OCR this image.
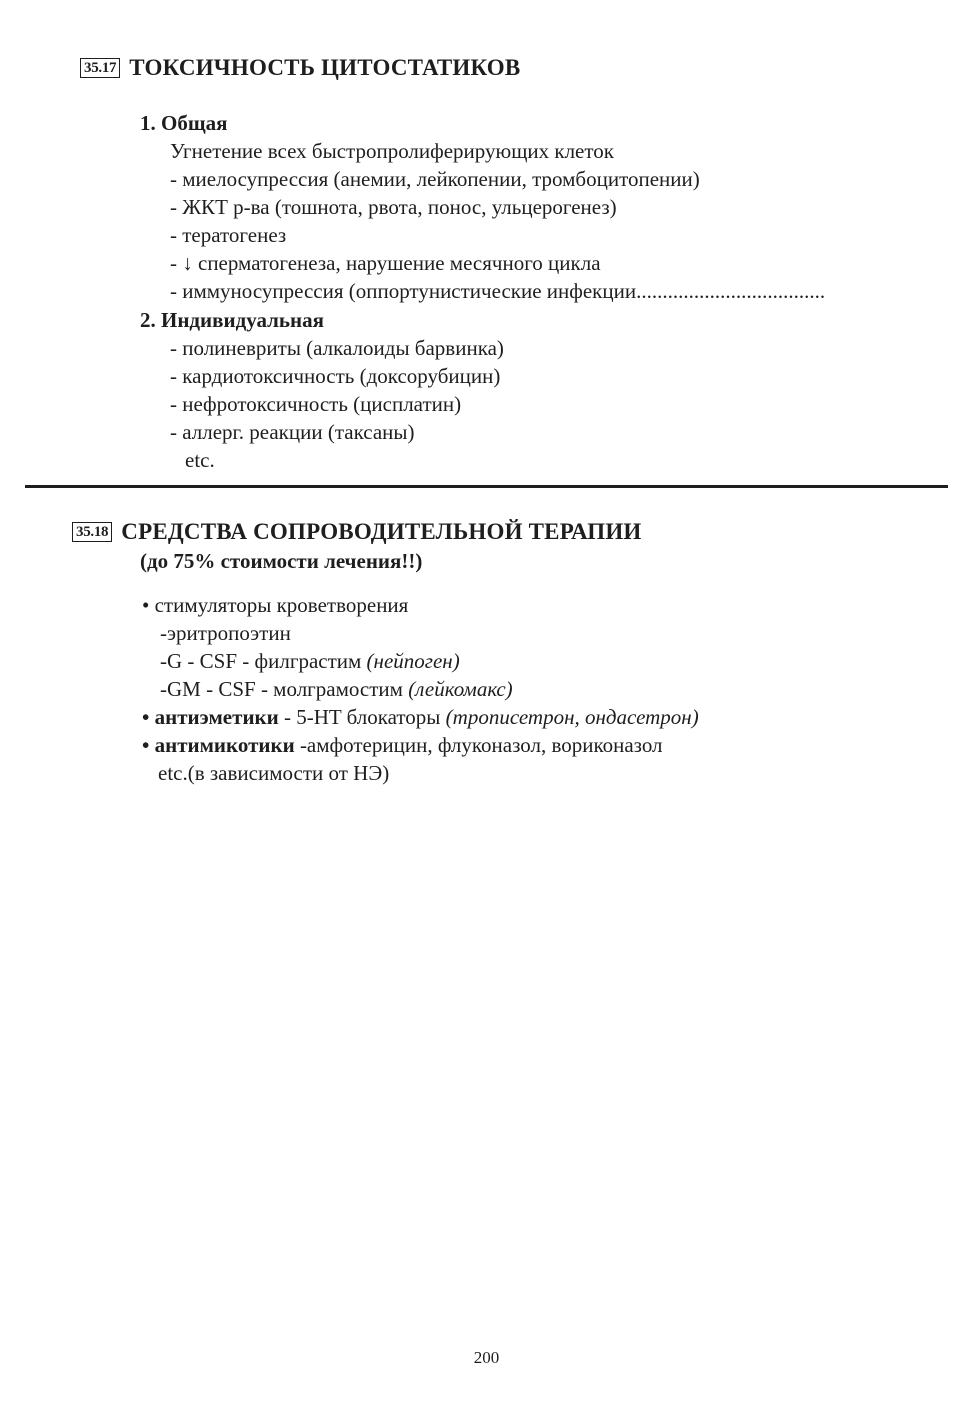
35.17 ТОКСИЧНОСТЬ ЦИТОСТАТИКОВ
1. Общая
Угнетение всех быстропролиферирующих клеток
- миелосупрессия (анемии, лейкопении, тромбоцитопении)
- ЖКТ р-ва (тошнота, рвота, понос, ульцерогенез)
- тератогенез
- ↓ сперматогенеза, нарушение месячного цикла
- иммуносупрессия (оппортунистические инфекции....................................
2. Индивидуальная
- полиневриты (алкалоиды барвинка)
- кардиотоксичность (доксорубицин)
- нефротоксичность (цисплатин)
- аллерг. реакции (таксаны)
etc.
35.18 СРЕДСТВА СОПРОВОДИТЕЛЬНОЙ ТЕРАПИИ
(до 75% стоимости лечения!!)
• стимуляторы кроветворения
-эритропоэтин
-G - CSF - филграстим (нейпоген)
-GM - CSF - молграмостим (лейкомакс)
• антиэметики - 5-HT блокаторы (трописетрон, ондасетрон)
• антимикотики -амфотерицин, флуконазол, вориконазол
etc.(в зависимости от НЭ)
200
